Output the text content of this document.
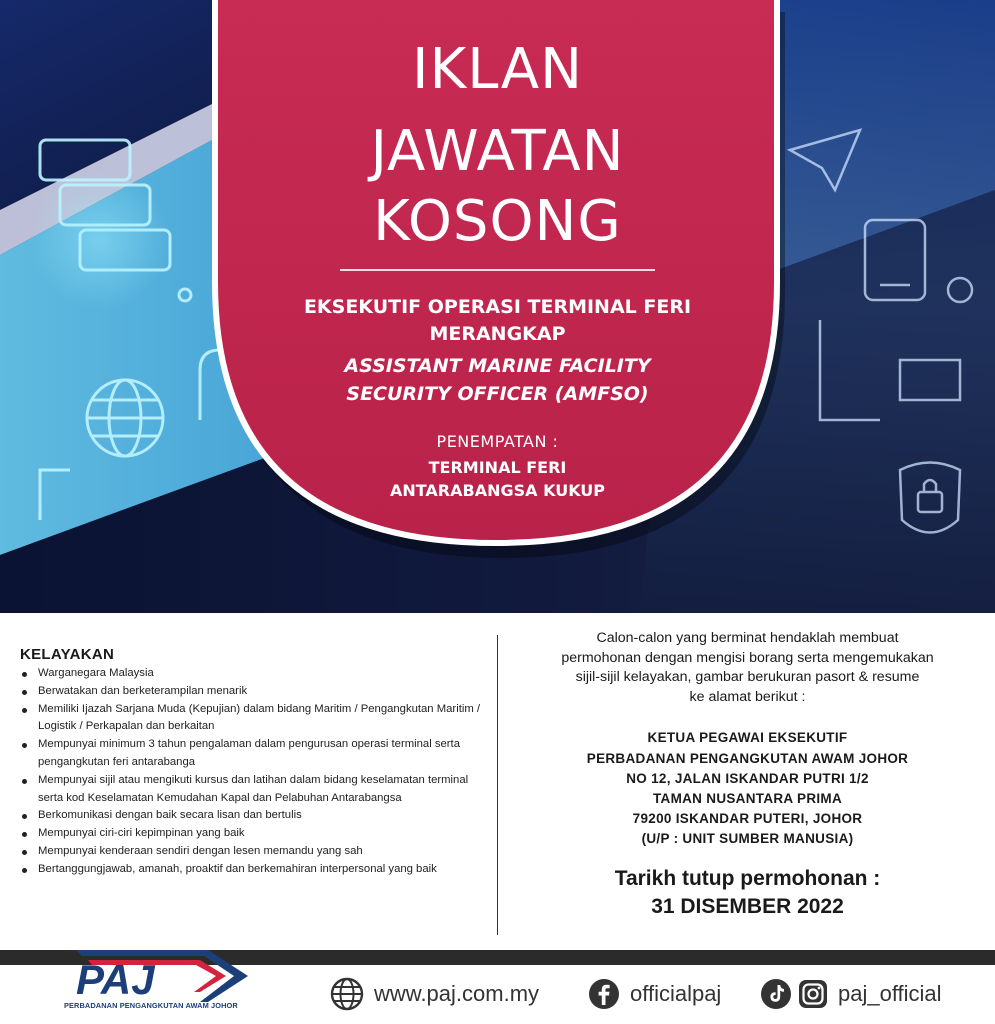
IKLAN
JAWATAN
KOSONG
EKSEKUTIF OPERASI TERMINAL FERI
MERANGKAP
ASSISTANT MARINE FACILITY
SECURITY OFFICER (AMFSO)
PENEMPATAN :
TERMINAL FERI
ANTARABANGSA KUKUP
KELAYAKAN
Warganegara Malaysia
Berwatakan dan berketerampilan menarik
Memiliki Ijazah Sarjana Muda (Kepujian) dalam bidang Maritim / Pengangkutan Maritim / Logistik / Perkapalan dan berkaitan
Mempunyai minimum 3 tahun pengalaman dalam pengurusan operasi terminal serta pengangkutan feri antarabanga
Mempunyai sijil atau mengikuti kursus dan latihan dalam bidang keselamatan terminal serta kod Keselamatan Kemudahan Kapal dan Pelabuhan Antarabangsa
Berkomunikasi dengan baik secara lisan dan bertulis
Mempunyai ciri-ciri kepimpinan yang baik
Mempunyai kenderaan sendiri dengan lesen memandu yang sah
Bertanggungjawab, amanah, proaktif dan berkemahiran interpersonal yang baik
Calon-calon yang berminat hendaklah membuat
permohonan dengan mengisi borang serta mengemukakan
sijil-sijil kelayakan, gambar berukuran pasort & resume
ke alamat berikut :
KETUA PEGAWAI EKSEKUTIF
PERBADANAN PENGANGKUTAN AWAM JOHOR
NO 12, JALAN ISKANDAR PUTRI 1/2
TAMAN NUSANTARA PRIMA
79200 ISKANDAR PUTERI, JOHOR
(U/P : UNIT SUMBER MANUSIA)
Tarikh tutup permohonan :
31 DISEMBER 2022
PAJ
PERBADANAN PENGANGKUTAN AWAM JOHOR	www.paj.com.my	officialpaj	paj_official
